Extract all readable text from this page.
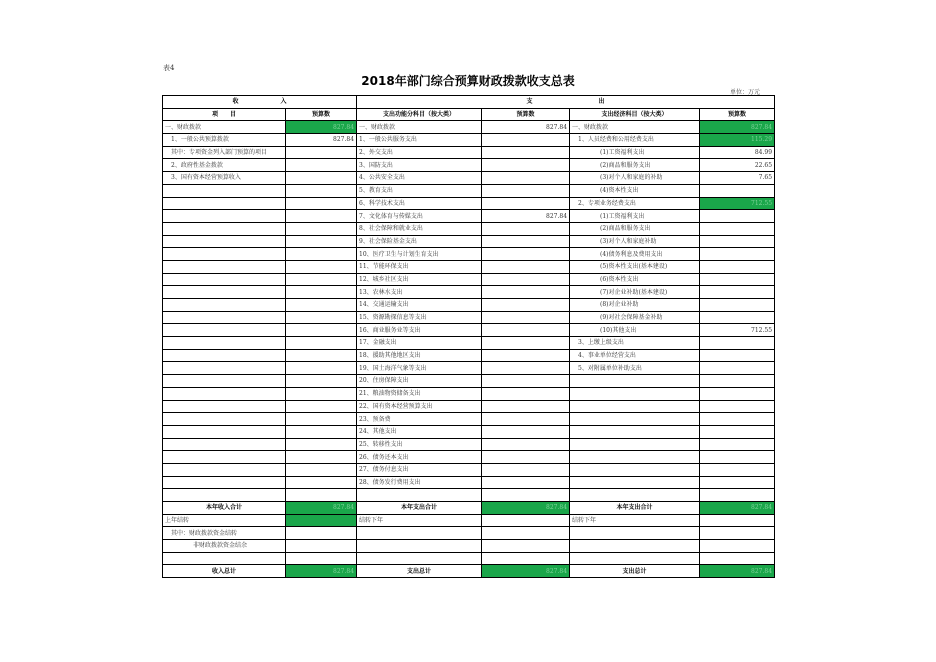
表4
2018年部门综合预算财政拨款收支总表
单位：万元
收　　　　　　　入		支　　　　　　　　　　　出			
项　　目	预算数	支出功能分科目（按大类）	预算数	支出经济科目（按大类）	预算数
一、财政拨款	827.84	一、财政拨款	827.84	一、财政拨款	827.84
1、一般公共预算拨款	827.84	1、一般公共服务支出		1、人员经费和公用经费支出	115.29
其中：专项资金列入部门预算的项目		2、外交支出		(1)工资福利支出	84.99
2、政府性基金拨款		3、国防支出		(2)商品和服务支出	22.65
3、国有资本经营预算收入		4、公共安全支出		(3)对个人和家庭的补助	7.65
		5、教育支出		(4)资本性支出	
		6、科学技术支出		2、专项业务经费支出	712.55
		7、文化体育与传媒支出	827.84	(1)工资福利支出	
		8、社会保障和就业支出		(2)商品和服务支出	
		9、社会保险基金支出		(3)对个人和家庭补助	
		10、医疗卫生与计划生育支出		(4)债务利息及费用支出	
		11、节能环保支出		(5)资本性支出(基本建设)	
		12、城乡社区支出		(6)资本性支出	
		13、农林水支出		(7)对企业补助(基本建设)	
		14、交通运输支出		(8)对企业补助	
		15、资源勘探信息等支出		(9)对社会保障基金补助	
		16、商业服务业等支出		(10)其他支出	712.55
		17、金融支出		3、上缴上级支出	
		18、援助其他地区支出		4、事业单位经营支出	
		19、国土海洋气象等支出		5、对附属单位补助支出	
		20、住房保障支出			
		21、粮油物资储备支出			
		22、国有资本经营预算支出			
		23、预备费			
		24、其他支出			
		25、转移性支出			
		26、债务还本支出			
		27、债务付息支出			
		28、债务发行费用支出			

本年收入合计	827.84	本年支出合计	827.84	本年支出合计	827.84
上年结转		结转下年		结转下年	
其中：财政拨款资金结转					
非财政拨款资金结余					

收入总计	827.84	支出总计	827.84	支出总计	827.84
